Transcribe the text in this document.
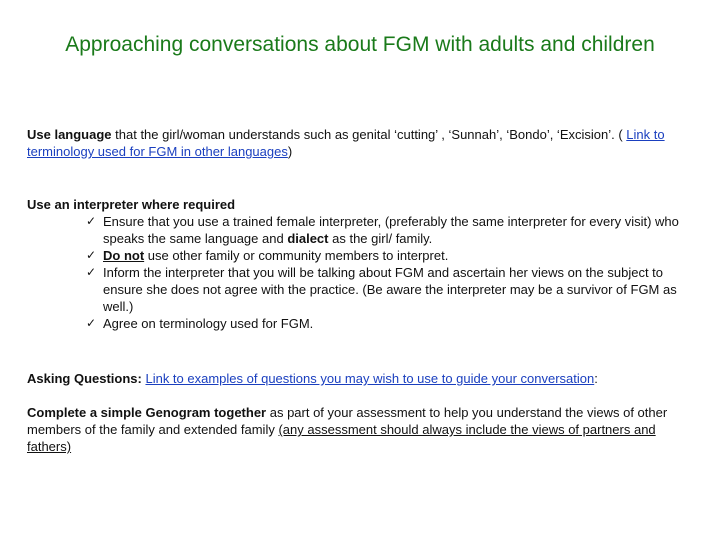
Approaching conversations about FGM with adults and children
Use language that the girl/woman understands such as genital ‘cutting’ , ‘Sunnah’, ‘Bondo’, ‘Excision’. ( Link to terminology used for FGM in other languages)
Use an interpreter where required
✓ Ensure that you use a trained female interpreter, (preferably the same interpreter for every visit) who speaks the same language and dialect as the girl/ family.
✓ Do not use other family or community members to interpret.
✓ Inform the interpreter that you will be talking about FGM and ascertain her views on the subject to ensure she does not agree with the practice. (Be aware the interpreter may be a survivor of FGM as well.)
✓ Agree on terminology used for FGM.
Asking Questions: Link to examples of questions you may wish to use to guide your conversation:
Complete a simple Genogram together as part of your assessment to help you understand the views of other members of the family and extended family (any assessment should always include the views of partners and fathers)
